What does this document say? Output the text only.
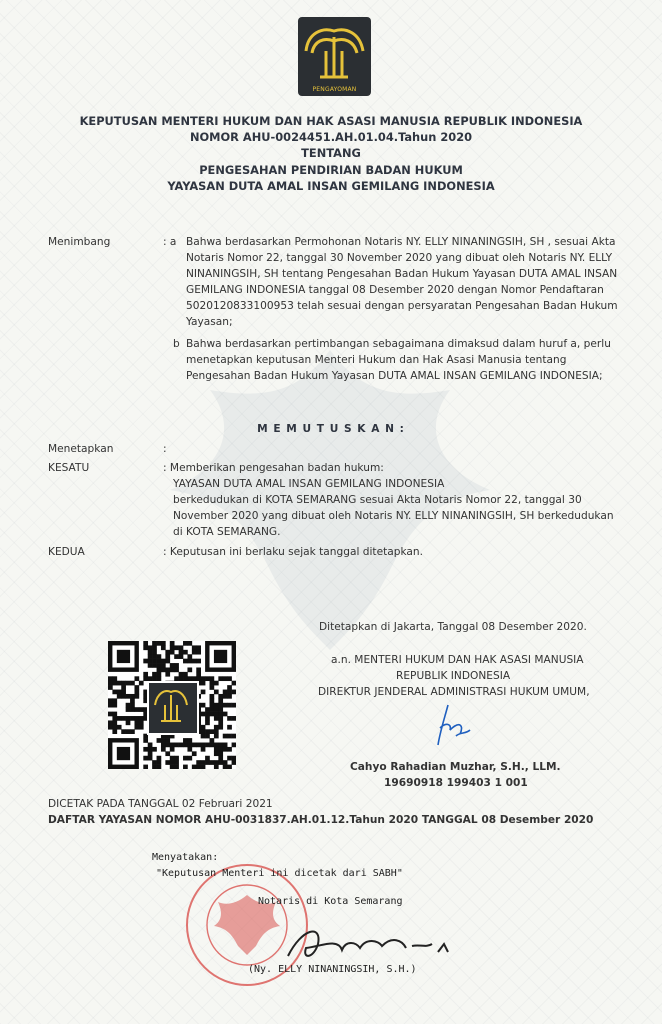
PENGAYOMAN
KEPUTUSAN MENTERI HUKUM DAN HAK ASASI MANUSIA REPUBLIK INDONESIA
NOMOR AHU-0024451.AH.01.04.Tahun 2020
TENTANG
PENGESAHAN PENDIRIAN BADAN HUKUM
YAYASAN DUTA AMAL INSAN GEMILANG INDONESIA
Menimbang	: a Bahwa berdasarkan Permohonan Notaris NY. ELLY NINANINGSIH, SH , sesuai Akta
Notaris Nomor 22, tanggal 30 November 2020 yang dibuat oleh Notaris NY. ELLY
NINANINGSIH, SH tentang Pengesahan Badan Hukum Yayasan DUTA AMAL INSAN
GEMILANG INDONESIA tanggal 08 Desember 2020 dengan Nomor Pendaftaran
5020120833100953 telah sesuai dengan persyaratan Pengesahan Badan Hukum
Yayasan;
b Bahwa berdasarkan pertimbangan sebagaimana dimaksud dalam huruf a, perlu
menetapkan keputusan Menteri Hukum dan Hak Asasi Manusia tentang
Pengesahan Badan Hukum Yayasan DUTA AMAL INSAN GEMILANG INDONESIA;
M E M U T U S K A N :
Menetapkan	:
KESATU	: Memberikan pengesahan badan hukum:
YAYASAN DUTA AMAL INSAN GEMILANG INDONESIA
berkedudukan di KOTA SEMARANG sesuai Akta Notaris Nomor 22, tanggal 30
November 2020 yang dibuat oleh Notaris NY. ELLY NINANINGSIH, SH berkedudukan
di KOTA SEMARANG.
KEDUA	: Keputusan ini berlaku sejak tanggal ditetapkan.
Ditetapkan di Jakarta, Tanggal 08 Desember 2020.
a.n. MENTERI HUKUM DAN HAK ASASI MANUSIA
REPUBLIK INDONESIA
DIREKTUR JENDERAL ADMINISTRASI HUKUM UMUM,
Cahyo Rahadian Muzhar, S.H., LLM.
19690918 199403 1 001
DICETAK PADA TANGGAL 02 Februari 2021
DAFTAR YAYASAN NOMOR AHU-0031837.AH.01.12.Tahun 2020 TANGGAL 08 Desember 2020
Menyatakan:
"Keputusan Menteri ini dicetak dari SABH"
Notaris di Kota Semarang
(Ny. ELLY NINANINGSIH, S.H.)
